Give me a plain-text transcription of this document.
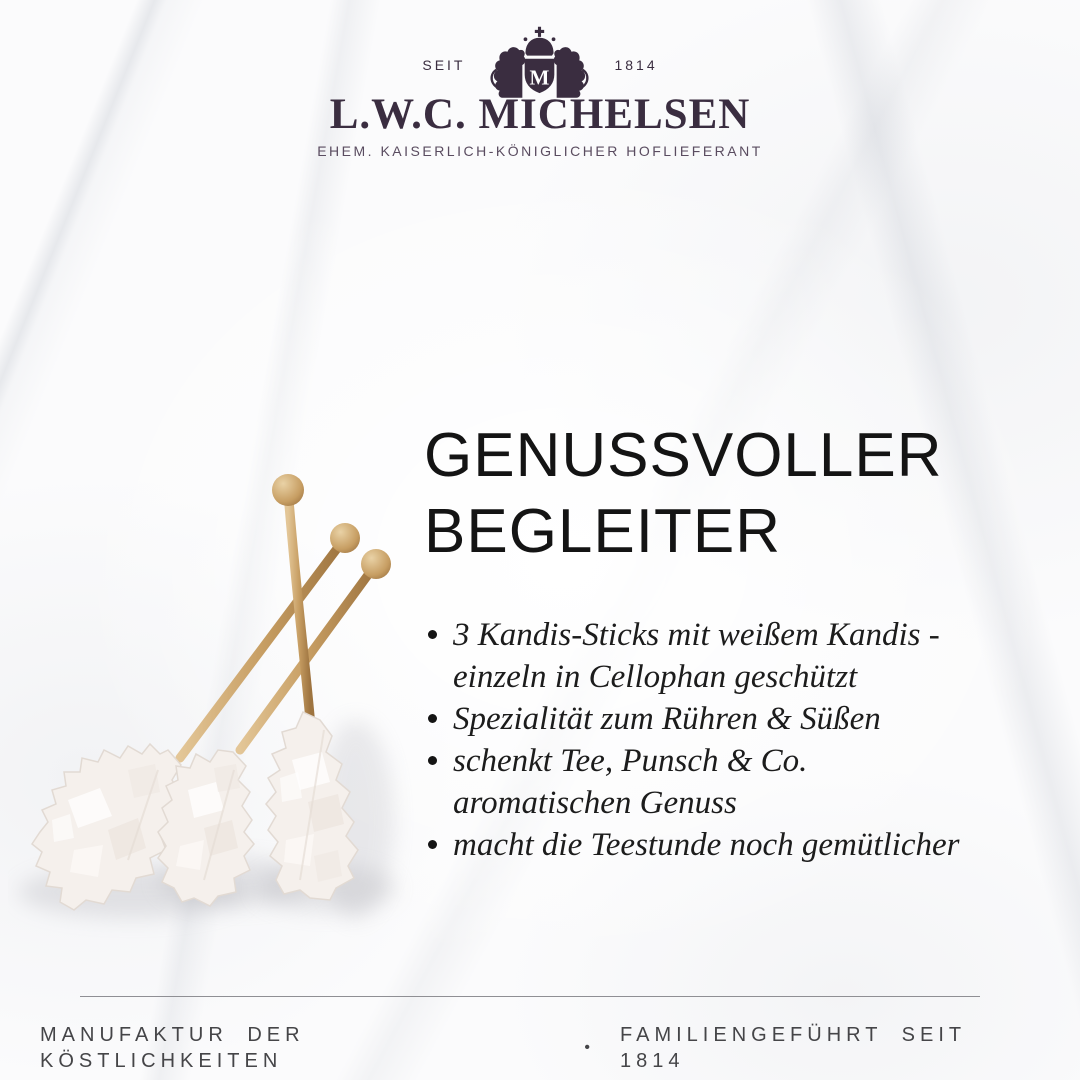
SEIT
M
1814
L.W.C. MICHELSEN
EHEM. KAISERLICH-KÖNIGLICHER HOFLIEFERANT
GENUSSVOLLER
BEGLEITER
3 Kandis-Sticks mit weißem Kandis -
einzeln in Cellophan geschützt
Spezialität zum Rühren & Süßen
schenkt Tee, Punsch & Co.
aromatischen Genuss
macht die Teestunde noch gemütlicher
MANUFAKTUR DER KÖSTLICHKEITEN
•
FAMILIENGEFÜHRT SEIT 1814
